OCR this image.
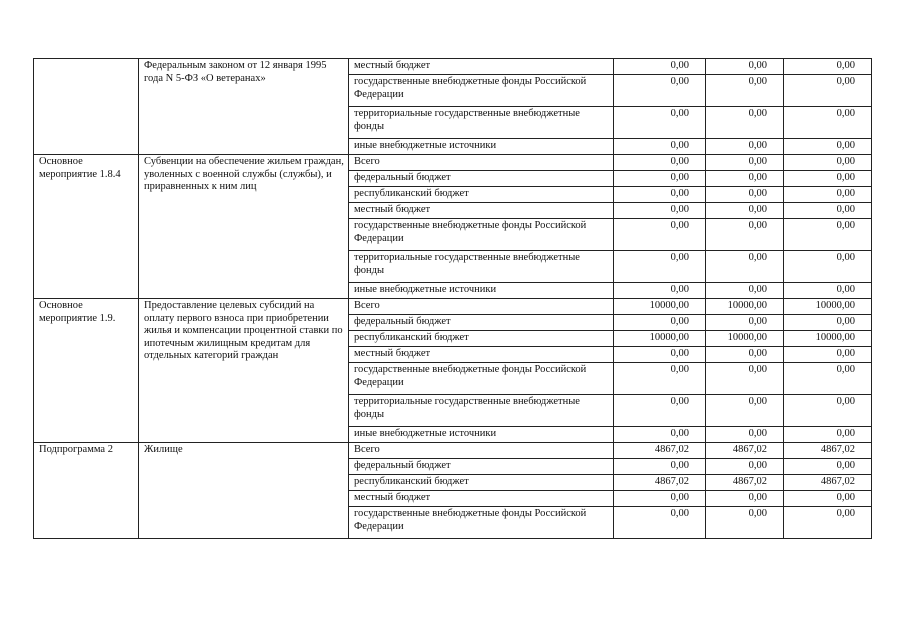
	Федеральным законом от 12 января 1995 года N 5-ФЗ «О ветеранах»	местный бюджет	0,00	0,00	0,00
		государственные внебюджетные фонды Российской Федерации	0,00	0,00	0,00
		территориальные государственные внебюджетные фонды	0,00	0,00	0,00
		иные внебюджетные источники	0,00	0,00	0,00
Основное мероприятие 1.8.4	Субвенции на обеспечение жильем граждан, уволенных с военной службы (службы), и приравненных к ним лиц	Всего	0,00	0,00	0,00
		федеральный бюджет	0,00	0,00	0,00
		республиканский бюджет	0,00	0,00	0,00
		местный бюджет	0,00	0,00	0,00
		государственные внебюджетные фонды Российской Федерации	0,00	0,00	0,00
		территориальные государственные внебюджетные фонды	0,00	0,00	0,00
		иные внебюджетные источники	0,00	0,00	0,00
Основное мероприятие 1.9.	Предоставление целевых субсидий на оплату первого взноса при приобретении жилья и компенсации процентной ставки по ипотечным жилищным кредитам для отдельных категорий граждан	Всего	10000,00	10000,00	10000,00
		федеральный бюджет	0,00	0,00	0,00
		республиканский бюджет	10000,00	10000,00	10000,00
		местный бюджет	0,00	0,00	0,00
		государственные внебюджетные фонды Российской Федерации	0,00	0,00	0,00
		территориальные государственные внебюджетные фонды	0,00	0,00	0,00
		иные внебюджетные источники	0,00	0,00	0,00
Подпрограмма 2	Жилище	Всего	4867,02	4867,02	4867,02
		федеральный бюджет	0,00	0,00	0,00
		республиканский бюджет	4867,02	4867,02	4867,02
		местный бюджет	0,00	0,00	0,00
		государственные внебюджетные фонды Российской Федерации	0,00	0,00	0,00
